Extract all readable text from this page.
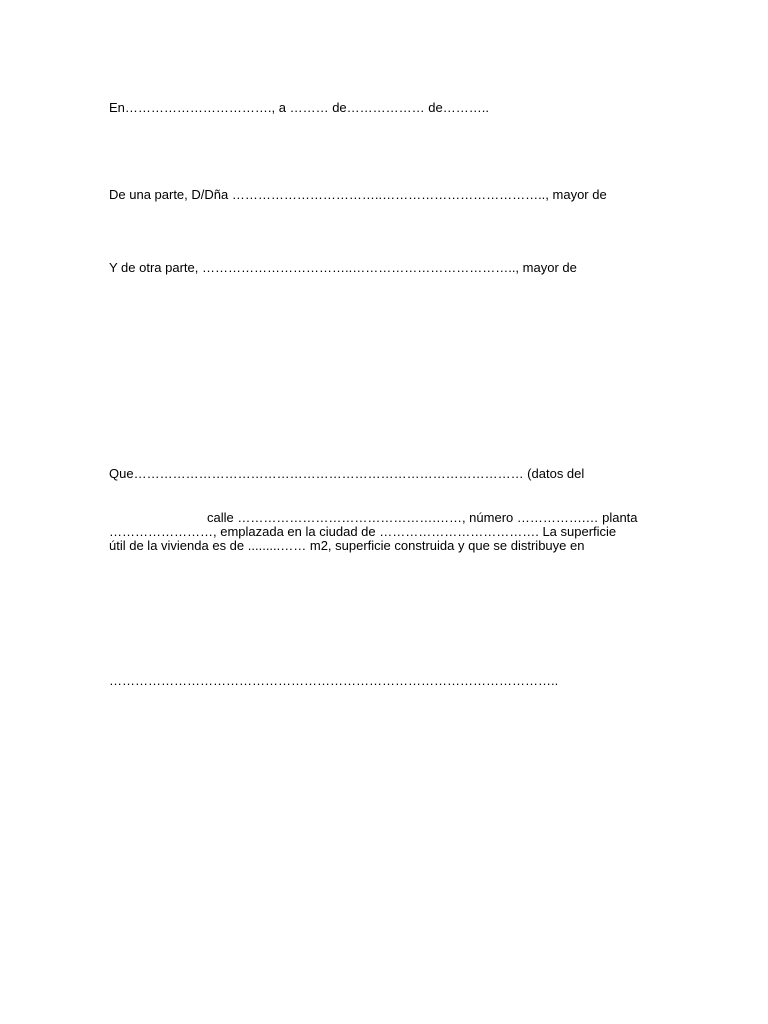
En……………………………., a ……… de……………… de………..
De una parte, D/Dña ……………………………..……………………………….., mayor de
Y de otra parte, ……………………………..……………………………….., mayor de
Que……………………………………………………………………………… (datos del
calle ……………………………………….……, número …………….… planta
……………………, emplazada en la ciudad de ………………………………. La superficie
útil de la vivienda es de .........…… m2, superficie construida y que se distribuye en
…………………………………………………………………………………………..
